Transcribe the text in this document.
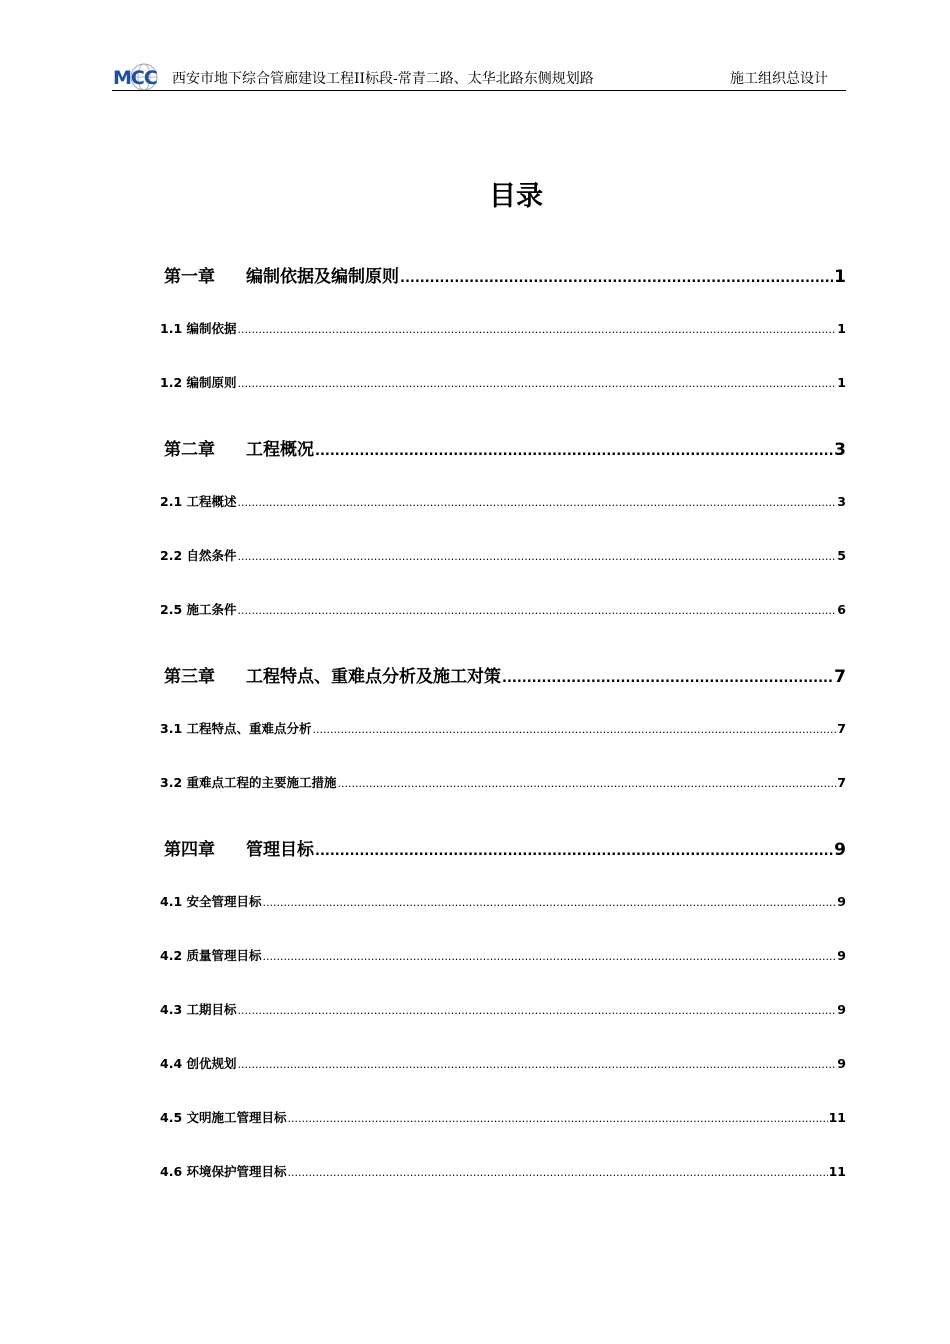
MCC 西安市地下综合管廊建设工程II标段-常青二路、太华北路东侧规划路	施工组织总设计
目录
第一章 编制依据及编制原则 .....	1
1.1 编制依据 .....	1
1.2 编制原则 .....	1
第二章 工程概况 .....	3
2.1 工程概述 .....	3
2.2 自然条件 .....	5
2.5 施工条件 .....	6
第三章 工程特点、重难点分析及施工对策 .....	7
3.1 工程特点、重难点分析 .....	7
3.2 重难点工程的主要施工措施 .....	7
第四章 管理目标 .....	9
4.1 安全管理目标 .....	9
4.2 质量管理目标 .....	9
4.3 工期目标 .....	9
4.4 创优规划 .....	9
4.5 文明施工管理目标 .....	11
4.6 环境保护管理目标 .....	11
